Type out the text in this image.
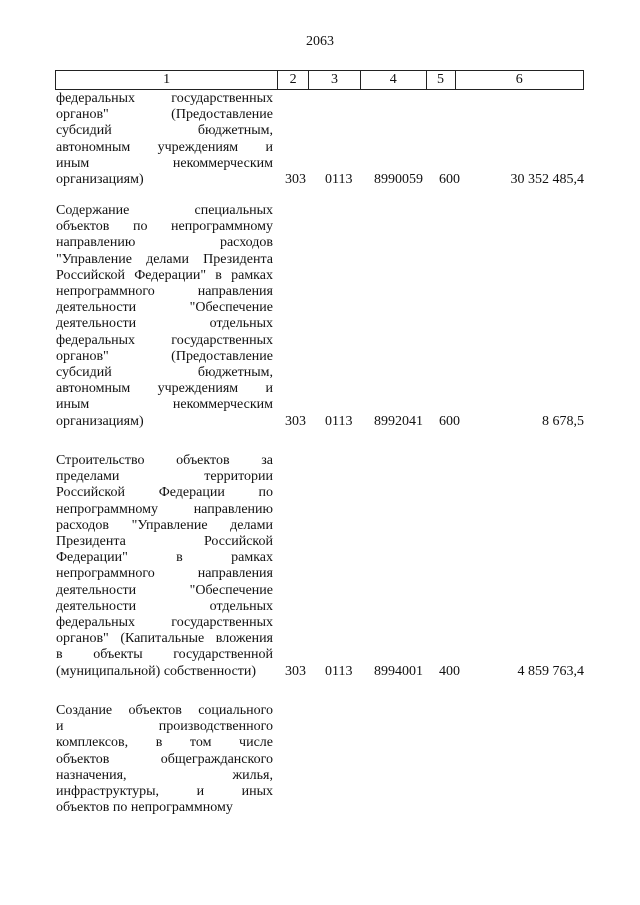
2063
1	2	3	4	5	6
федеральных государственных
органов" (Предоставление
субсидий бюджетным,
автономным учреждениям и
иным некоммерческим
организациям)	303 0113 8990059 600	30 352 485,4
Содержание специальных
объектов по непрограммному
направлению расходов
"Управление делами Президента
Российской Федерации" в рамках
непрограммного направления
деятельности "Обеспечение
деятельности отдельных
федеральных государственных
органов" (Предоставление
субсидий бюджетным,
автономным учреждениям и
иным некоммерческим
организациям)	303 0113 8992041 600	8 678,5
Строительство объектов за
пределами территории
Российской Федерации по
непрограммному направлению
расходов "Управление делами
Президента Российской
Федерации" в рамках
непрограммного направления
деятельности "Обеспечение
деятельности отдельных
федеральных государственных
органов" (Капитальные вложения
в объекты государственной
(муниципальной) собственности)	303 0113 8994001 400	4 859 763,4
Создание объектов социального
и производственного
комплексов, в том числе
объектов общегражданского
назначения, жилья,
инфраструктуры, и иных
объектов по непрограммному
